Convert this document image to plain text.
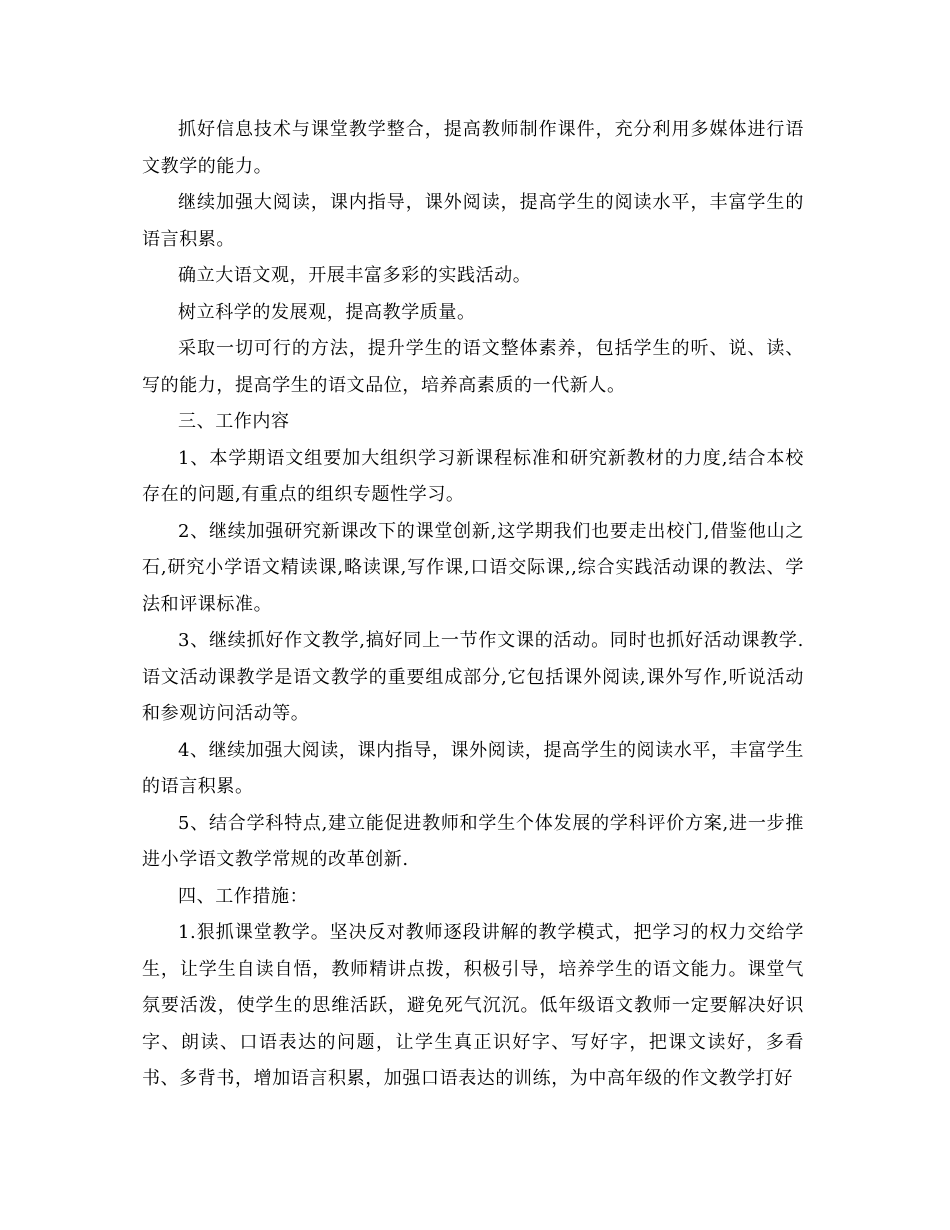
抓好信息技术与课堂教学整合，提高教师制作课件，充分利用多媒体进行语文教学的能力。

继续加强大阅读，课内指导，课外阅读，提高学生的阅读水平，丰富学生的语言积累。

确立大语文观，开展丰富多彩的实践活动。

树立科学的发展观，提高教学质量。

采取一切可行的方法，提升学生的语文整体素养，包括学生的听、说、读、写的能力，提高学生的语文品位，培养高素质的一代新人。

三、工作内容

1、本学期语文组要加大组织学习新课程标准和研究新教材的力度,结合本校存在的问题,有重点的组织专题性学习。

2、继续加强研究新课改下的课堂创新,这学期我们也要走出校门,借鉴他山之石,研究小学语文精读课,略读课,写作课,口语交际课,,综合实践活动课的教法、学法和评课标准。

3、继续抓好作文教学,搞好同上一节作文课的活动。同时也抓好活动课教学.语文活动课教学是语文教学的重要组成部分,它包括课外阅读,课外写作,听说活动和参观访问活动等。

4、继续加强大阅读，课内指导，课外阅读，提高学生的阅读水平，丰富学生的语言积累。

5、结合学科特点,建立能促进教师和学生个体发展的学科评价方案,进一步推进小学语文教学常规的改革创新.

四、工作措施：

1.狠抓课堂教学。坚决反对教师逐段讲解的教学模式，把学习的权力交给学生，让学生自读自悟，教师精讲点拨，积极引导，培养学生的语文能力。课堂气氛要活泼，使学生的思维活跃，避免死气沉沉。低年级语文教师一定要解决好识字、朗读、口语表达的问题，让学生真正识好字、写好字，把课文读好，多看书、多背书，增加语言积累，加强口语表达的训练，为中高年级的作文教学打好
